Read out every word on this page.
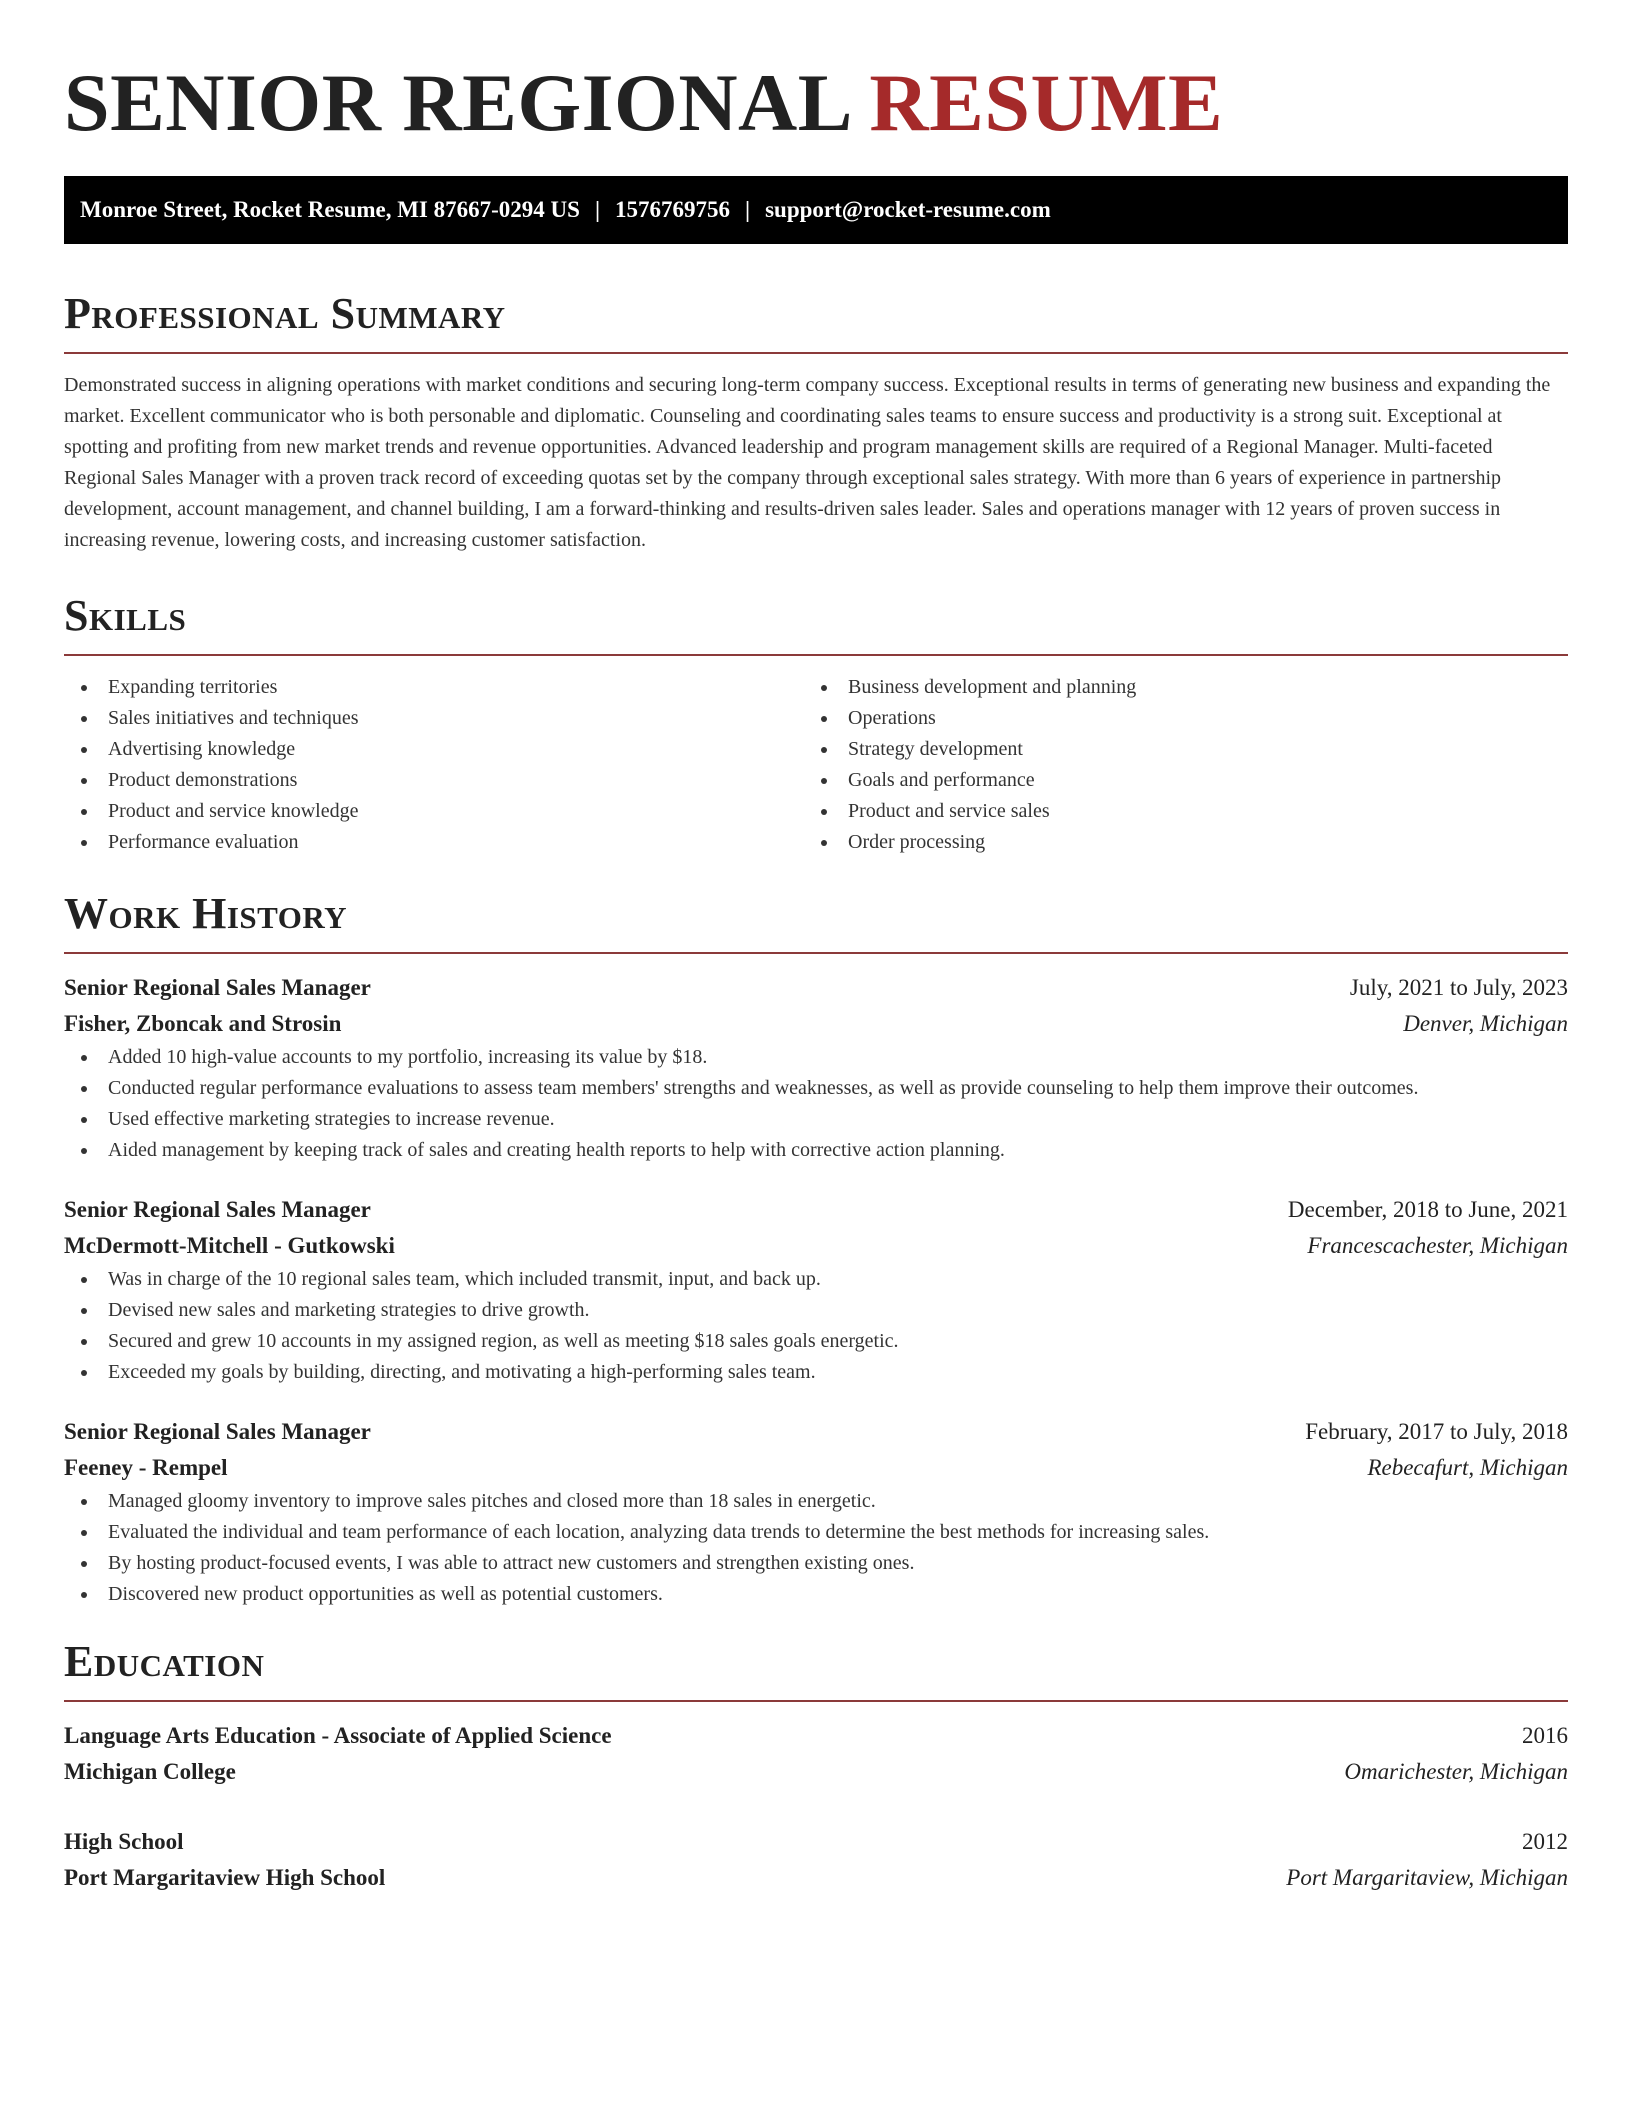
SENIOR REGIONAL RESUME
Monroe Street, Rocket Resume, MI 87667-0294 US | 1576769756 | support@rocket-resume.com
Professional Summary

Demonstrated success in aligning operations with market conditions and securing long-term company success. Exceptional results in terms of generating new business and expanding the market. Excellent communicator who is both personable and diplomatic. Counseling and coordinating sales teams to ensure success and productivity is a strong suit. Exceptional at spotting and profiting from new market trends and revenue opportunities. Advanced leadership and program management skills are required of a Regional Manager. Multi-faceted Regional Sales Manager with a proven track record of exceeding quotas set by the company through exceptional sales strategy. With more than 6 years of experience in partnership development, account management, and channel building, I am a forward-thinking and results-driven sales leader. Sales and operations manager with 12 years of proven success in increasing revenue, lowering costs, and increasing customer satisfaction.

Skills
Expanding territories
Sales initiatives and techniques
Advertising knowledge
Product demonstrations
Product and service knowledge
Performance evaluation
Business development and planning
Operations
Strategy development
Goals and performance
Product and service sales
Order processing
Work History
Senior Regional Sales Manager	July, 2021 to July, 2023
Fisher, Zboncak and Strosin	Denver, Michigan
Added 10 high-value accounts to my portfolio, increasing its value by $18.
Conducted regular performance evaluations to assess team members' strengths and weaknesses, as well as provide counseling to help them improve their outcomes.
Used effective marketing strategies to increase revenue.
Aided management by keeping track of sales and creating health reports to help with corrective action planning.
Senior Regional Sales Manager	December, 2018 to June, 2021
McDermott-Mitchell - Gutkowski	Francescachester, Michigan
Was in charge of the 10 regional sales team, which included transmit, input, and back up.
Devised new sales and marketing strategies to drive growth.
Secured and grew 10 accounts in my assigned region, as well as meeting $18 sales goals energetic.
Exceeded my goals by building, directing, and motivating a high-performing sales team.
Senior Regional Sales Manager	February, 2017 to July, 2018
Feeney - Rempel	Rebecafurt, Michigan
Managed gloomy inventory to improve sales pitches and closed more than 18 sales in energetic.
Evaluated the individual and team performance of each location, analyzing data trends to determine the best methods for increasing sales.
By hosting product-focused events, I was able to attract new customers and strengthen existing ones.
Discovered new product opportunities as well as potential customers.
Education
Language Arts Education - Associate of Applied Science	2016
Michigan College	Omarichester, Michigan
High School	2012
Port Margaritaview High School	Port Margaritaview, Michigan
